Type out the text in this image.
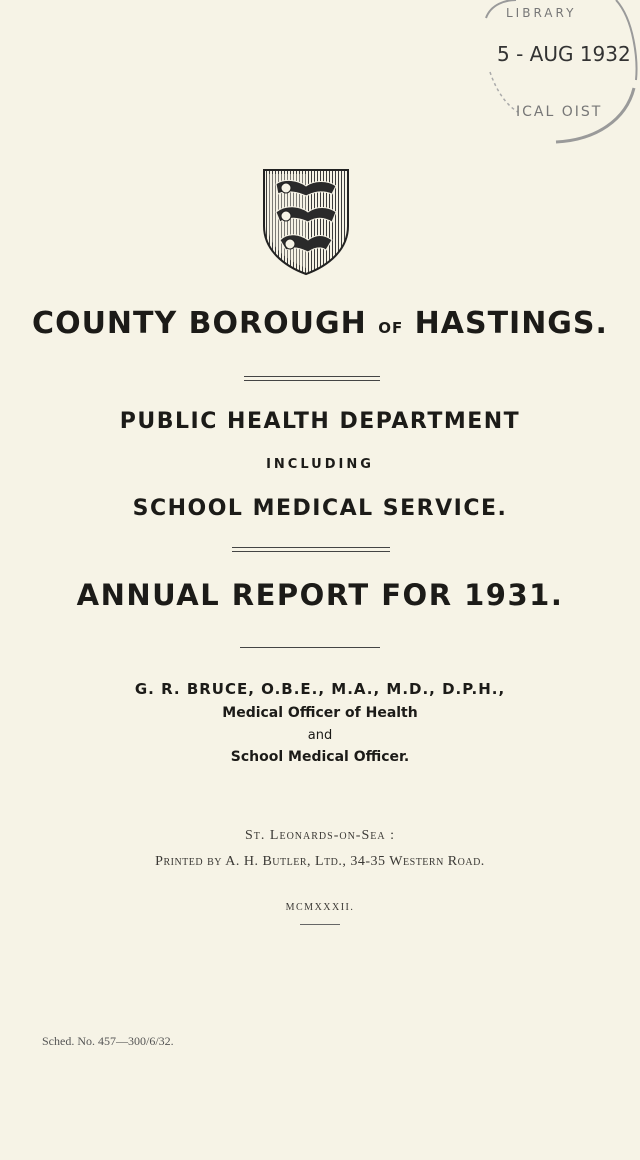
LIBRARY
5 - AUG 1932
ICAL OIST
COUNTY BOROUGH OF HASTINGS.
PUBLIC HEALTH DEPARTMENT
INCLUDING
SCHOOL MEDICAL SERVICE.
ANNUAL REPORT FOR 1931.
G. R. BRUCE, O.B.E., M.A., M.D., D.P.H.,
Medical Officer of Health
and
School Medical Officer.
St. Leonards-on-Sea :
Printed by A. H. Butler, Ltd., 34-35 Western Road.
MCMXXXII.
Sched. No. 457—300/6/32.
